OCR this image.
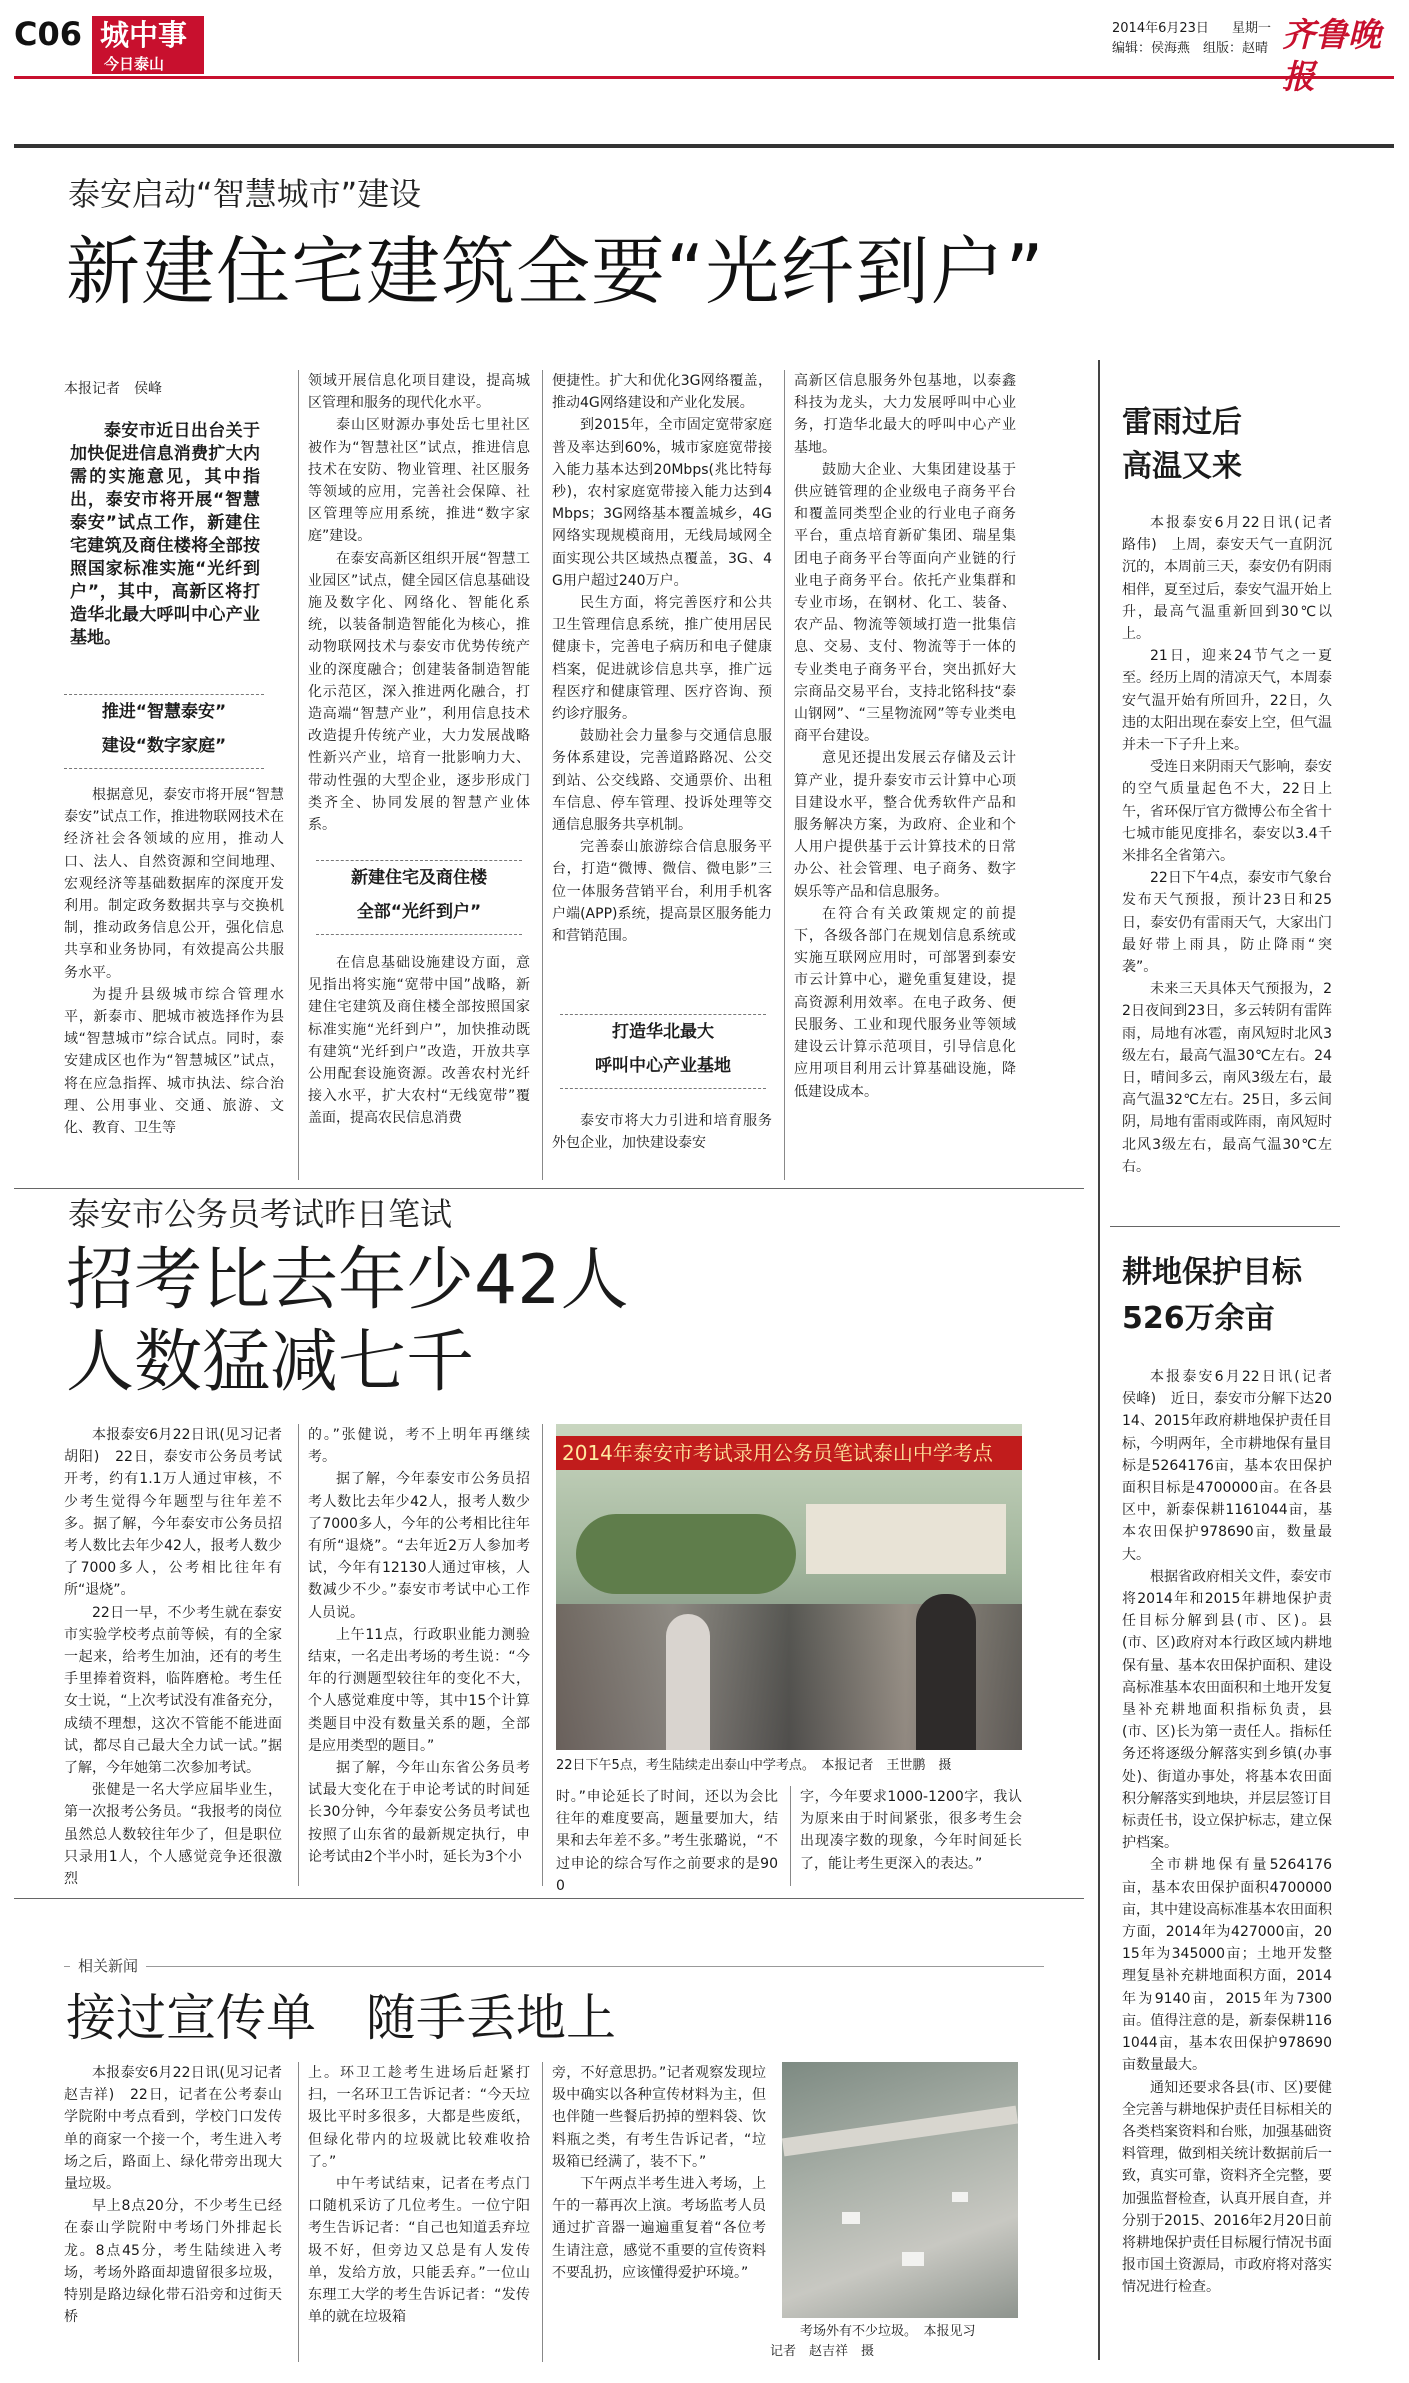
C06 城中事
今日泰山
2014年6月23日 星期一
编辑：侯海燕　组版：赵晴 齐鲁晚报
泰安启动“智慧城市”建设
新建住宅建筑全要“光纤到户”
本报记者　侯峰

泰安市近日出台关于加快促进信息消费扩大内需的实施意见，其中指出，泰安市将开展“智慧泰安”试点工作，新建住宅建筑及商住楼将全部按照国家标准实施“光纤到户”，其中，高新区将打造华北最大呼叫中心产业基地。

推进“智慧泰安”
建设“数字家庭”

根据意见，泰安市将开展“智慧泰安”试点工作，推进物联网技术在经济社会各领域的应用，推动人口、法人、自然资源和空间地理、宏观经济等基础数据库的深度开发利用。制定政务数据共享与交换机制，推动政务信息公开，强化信息共享和业务协同，有效提高公共服务水平。

为提升县级城市综合管理水平，新泰市、肥城市被选择作为县域“智慧城市”综合试点。同时，泰安建成区也作为“智慧城区”试点，将在应急指挥、城市执法、综合治理、公用事业、交通、旅游、文化、教育、卫生等

领域开展信息化项目建设，提高城区管理和服务的现代化水平。

泰山区财源办事处岳七里社区被作为“智慧社区”试点，推进信息技术在安防、物业管理、社区服务等领域的应用，完善社会保障、社区管理等应用系统，推进“数字家庭”建设。

在泰安高新区组织开展“智慧工业园区”试点，健全园区信息基础设施及数字化、网络化、智能化系统，以装备制造智能化为核心，推动物联网技术与泰安市优势传统产业的深度融合；创建装备制造智能化示范区，深入推进两化融合，打造高端“智慧产业”，利用信息技术改造提升传统产业，大力发展战略性新兴产业，培育一批影响力大、带动性强的大型企业，逐步形成门类齐全、协同发展的智慧产业体系。

新建住宅及商住楼
全部“光纤到户”

在信息基础设施建设方面，意见指出将实施“宽带中国”战略，新建住宅建筑及商住楼全部按照国家标准实施“光纤到户”，加快推动既有建筑“光纤到户”改造，开放共享公用配套设施资源。改善农村光纤接入水平，扩大农村“无线宽带”覆盖面，提高农民信息消费

便捷性。扩大和优化3G网络覆盖，推动4G网络建设和产业化发展。

到2015年，全市固定宽带家庭普及率达到60%，城市家庭宽带接入能力基本达到20Mbps(兆比特每秒)，农村家庭宽带接入能力达到4Mbps；3G网络基本覆盖城乡，4G网络实现规模商用，无线局域网全面实现公共区域热点覆盖，3G、4G用户超过240万户。

民生方面，将完善医疗和公共卫生管理信息系统，推广使用居民健康卡，完善电子病历和电子健康档案，促进就诊信息共享，推广远程医疗和健康管理、医疗咨询、预约诊疗服务。

鼓励社会力量参与交通信息服务体系建设，完善道路路况、公交到站、公交线路、交通票价、出租车信息、停车管理、投诉处理等交通信息服务共享机制。

完善泰山旅游综合信息服务平台，打造“微博、微信、微电影”三位一体服务营销平台，利用手机客户端(APP)系统，提高景区服务能力和营销范围。

打造华北最大
呼叫中心产业基地

泰安市将大力引进和培育服务外包企业，加快建设泰安

高新区信息服务外包基地，以泰鑫科技为龙头，大力发展呼叫中心业务，打造华北最大的呼叫中心产业基地。

鼓励大企业、大集团建设基于供应链管理的企业级电子商务平台和覆盖同类型企业的行业电子商务平台，重点培育新矿集团、瑞星集团电子商务平台等面向产业链的行业电子商务平台。依托产业集群和专业市场，在钢材、化工、装备、农产品、物流等领域打造一批集信息、交易、支付、物流等于一体的专业类电子商务平台，突出抓好大宗商品交易平台，支持北铭科技“泰山钢网”、“三星物流网”等专业类电商平台建设。

意见还提出发展云存储及云计算产业，提升泰安市云计算中心项目建设水平，整合优秀软件产品和服务解决方案，为政府、企业和个人用户提供基于云计算技术的日常办公、社会管理、电子商务、数字娱乐等产品和信息服务。

在符合有关政策规定的前提下，各级各部门在规划信息系统或实施互联网应用时，可部署到泰安市云计算中心，避免重复建设，提高资源利用效率。在电子政务、便民服务、工业和现代服务业等领域建设云计算示范项目，引导信息化应用项目利用云计算基础设施，降低建设成本。

雷雨过后
高温又来

本报泰安6月22日讯(记者　路伟)　上周，泰安天气一直阴沉沉的，本周前三天，泰安仍有阴雨相伴，夏至过后，泰安气温开始上升，最高气温重新回到30℃以上。

21日，迎来24节气之一夏至。经历上周的清凉天气，本周泰安气温开始有所回升，22日，久违的太阳出现在泰安上空，但气温并未一下子升上来。

受连日来阴雨天气影响，泰安的空气质量起色不大，22日上午，省环保厅官方微博公布全省十七城市能见度排名，泰安以3.4千米排名全省第六。

22日下午4点，泰安市气象台发布天气预报，预计23日和25日，泰安仍有雷雨天气，大家出门最好带上雨具，防止降雨“突袭”。

未来三天具体天气预报为，22日夜间到23日，多云转阴有雷阵雨，局地有冰雹，南风短时北风3级左右，最高气温30℃左右。24日，晴间多云，南风3级左右，最高气温32℃左右。25日，多云间阴，局地有雷雨或阵雨，南风短时北风3级左右，最高气温30℃左右。

耕地保护目标
526万余亩

本报泰安6月22日讯(记者　侯峰)　近日，泰安市分解下达2014、2015年政府耕地保护责任目标，今明两年，全市耕地保有量目标是5264176亩，基本农田保护面积目标是4700000亩。在各县区中，新泰保耕1161044亩，基本农田保护978690亩，数量最大。

根据省政府相关文件，泰安市将2014年和2015年耕地保护责任目标分解到县(市、区)。县(市、区)政府对本行政区域内耕地保有量、基本农田保护面积、建设高标准基本农田面积和土地开发复垦补充耕地面积指标负责，县(市、区)长为第一责任人。指标任务还将逐级分解落实到乡镇(办事处)、街道办事处，将基本农田面积分解落实到地块，并层层签订目标责任书，设立保护标志，建立保护档案。

全市耕地保有量5264176亩，基本农田保护面积4700000亩，其中建设高标准基本农田面积方面，2014年为427000亩，2015年为345000亩；土地开发整理复垦补充耕地面积方面，2014年为9140亩，2015年为7300亩。值得注意的是，新泰保耕1161044亩，基本农田保护978690亩数量最大。

通知还要求各县(市、区)要健全完善与耕地保护责任目标相关的各类档案资料和台账，加强基础资料管理，做到相关统计数据前后一致，真实可靠，资料齐全完整，要加强监督检查，认真开展自查，并分别于2015、2016年2月20日前将耕地保护责任目标履行情况书面报市国土资源局，市政府将对落实情况进行检查。

泰安市公务员考试昨日笔试
招考比去年少42人
人数猛减七千

本报泰安6月22日讯(见习记者　胡阳)　22日，泰安市公务员考试开考，约有1.1万人通过审核，不少考生觉得今年题型与往年差不多。据了解，今年泰安市公务员招考人数比去年少42人，报考人数少了7000多人，公考相比往年有所“退烧”。

22日一早，不少考生就在泰安市实验学校考点前等候，有的全家一起来，给考生加油，还有的考生手里捧着资料，临阵磨枪。考生任女士说，“上次考试没有准备充分，成绩不理想，这次不管能不能进面试，都尽自己最大全力试一试。”据了解，今年她第二次参加考试。

张健是一名大学应届毕业生，第一次报考公务员。“我报考的岗位虽然总人数较往年少了，但是职位只录用1人，个人感觉竞争还很激烈

的。”张健说，考不上明年再继续考。

据了解，今年泰安市公务员招考人数比去年少42人，报考人数少了7000多人，今年的公考相比往年有所“退烧”。“去年近2万人参加考试，今年有12130人通过审核，人数减少不少。”泰安市考试中心工作人员说。

上午11点，行政职业能力测验结束，一名走出考场的考生说：“今年的行测题型较往年的变化不大，个人感觉难度中等，其中15个计算类题目中没有数量关系的题，全部是应用类型的题目。”

据了解，今年山东省公务员考试最大变化在于申论考试的时间延长30分钟，今年泰安公务员考试也按照了山东省的最新规定执行，申论考试由2个半小时，延长为3个小

2014年泰安市考试录用公务员笔试泰山中学考点
22日下午5点，考生陆续走出泰山中学考点。　本报记者　王世鹏　摄

时。”申论延长了时间，还以为会比往年的难度要高，题量要加大，结果和去年差不多。”考生张璐说，“不过申论的综合写作之前要求的是900

字，今年要求1000-1200字，我认为原来由于时间紧张，很多考生会出现凑字数的现象，今年时间延长了，能让考生更深入的表达。”

相关新闻
接过宣传单　随手丢地上

本报泰安6月22日讯(见习记者　赵吉祥)　22日，记者在公考泰山学院附中考点看到，学校门口发传单的商家一个接一个，考生进入考场之后，路面上、绿化带旁出现大量垃圾。

早上8点20分，不少考生已经在泰山学院附中考场门外排起长龙。8点45分，考生陆续进入考场，考场外路面却遗留很多垃圾，特别是路边绿化带石沿旁和过街天桥

上。环卫工趁考生进场后赶紧打扫，一名环卫工告诉记者：“今天垃圾比平时多很多，大都是些废纸，但绿化带内的垃圾就比较难收拾了。”

中午考试结束，记者在考点门口随机采访了几位考生。一位宁阳考生告诉记者：“自己也知道丢弃垃圾不好，但旁边又总是有人发传单，发给方放，只能丢弃。”一位山东理工大学的考生告诉记者：“发传单的就在垃圾箱

旁，不好意思扔。”记者观察发现垃圾中确实以各种宣传材料为主，但也伴随一些餐后扔掉的塑料袋、饮料瓶之类，有考生告诉记者，“垃圾箱已经满了，装不下。”

下午两点半考生进入考场，上午的一幕再次上演。考场监考人员通过扩音器一遍遍重复着“各位考生请注意，感觉不重要的宣传资料不要乱扔，应该懂得爱护环境。”

考场外有不少垃圾。　本报见习
记者　赵吉祥　摄
